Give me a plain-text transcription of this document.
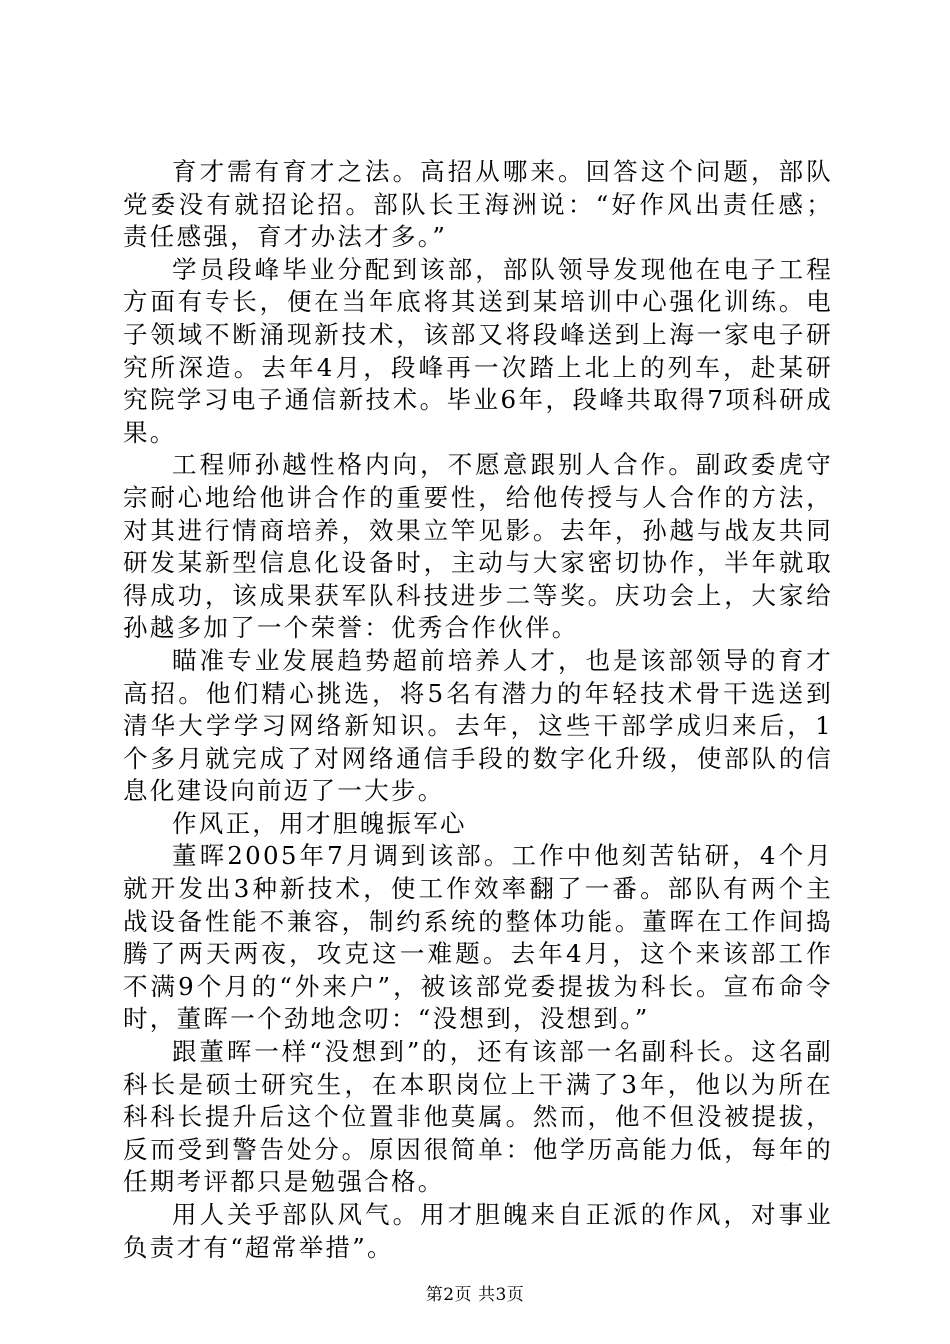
育才需有育才之法。高招从哪来。回答这个问题，部队党委没有就招论招。部队长王海洲说：“好作风出责任感；责任感强，育才办法才多。”

学员段峰毕业分配到该部，部队领导发现他在电子工程方面有专长，便在当年底将其送到某培训中心强化训练。电子领域不断涌现新技术，该部又将段峰送到上海一家电子研究所深造。去年4月，段峰再一次踏上北上的列车，赴某研究院学习电子通信新技术。毕业6年，段峰共取得7项科研成果。

工程师孙越性格内向，不愿意跟别人合作。副政委虎守宗耐心地给他讲合作的重要性，给他传授与人合作的方法，对其进行情商培养，效果立竿见影。去年，孙越与战友共同研发某新型信息化设备时，主动与大家密切协作，半年就取得成功，该成果获军队科技进步二等奖。庆功会上，大家给孙越多加了一个荣誉：优秀合作伙伴。

瞄准专业发展趋势超前培养人才，也是该部领导的育才高招。他们精心挑选，将5名有潜力的年轻技术骨干选送到清华大学学习网络新知识。去年，这些干部学成归来后，1个多月就完成了对网络通信手段的数字化升级，使部队的信息化建设向前迈了一大步。

作风正，用才胆魄振军心

董晖2005年7月调到该部。工作中他刻苦钻研，4个月就开发出3种新技术，使工作效率翻了一番。部队有两个主战设备性能不兼容，制约系统的整体功能。董晖在工作间捣腾了两天两夜，攻克这一难题。去年4月，这个来该部工作不满9个月的“外来户”，被该部党委提拔为科长。宣布命令时，董晖一个劲地念叨：“没想到，没想到。”

跟董晖一样“没想到”的，还有该部一名副科长。这名副科长是硕士研究生，在本职岗位上干满了3年，他以为所在科科长提升后这个位置非他莫属。然而，他不但没被提拔，反而受到警告处分。原因很简单：他学历高能力低，每年的任期考评都只是勉强合格。

用人关乎部队风气。用才胆魄来自正派的作风，对事业负责才有“超常举措”。

第2页 共3页
